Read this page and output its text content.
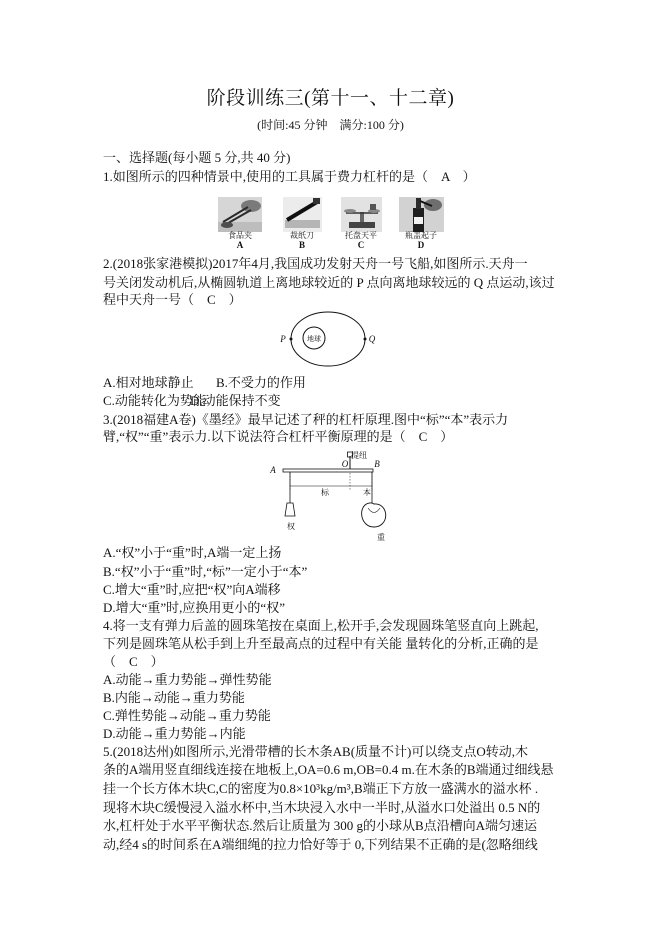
阶段训练三(第十一、十二章)
(时间:45 分钟　满分:100 分)
一、选择题(每小题 5 分,共 40 分)
1.如图所示的四种情景中,使用的工具属于费力杠杆的是（　A　）
食品夹	裁纸刀	托盘天平	瓶盖起子
A	B	C	D
2.(2018张家港模拟)2017年4月,我国成功发射天舟一号飞船,如图所示.天舟一
号关闭发动机后,从椭圆轨道上离地球较近的 P 点向离地球较远的 Q 点运动,该过
程中天舟一号（　C　）
地球
P	Q
A.相对地球静止 B.不受力的作用
C.动能转化为势能
D.动能保持不变
3.(2018福建A卷)《墨经》最早记述了秤的杠杆原理.图中“标”“本”表示力
臂,“权”“重”表示力.以下说法符合杠杆平衡原理的是（　C　）
A
提纽
O	B
标	本
权
重
A.“权”小于“重”时,A端一定上扬
B.“权”小于“重”时,“标”一定小于“本”
C.增大“重”时,应把“权”向A端移
D.增大“重”时,应换用更小的“权”
4.将一支有弹力后盖的圆珠笔按在桌面上,松开手,会发现圆珠笔竖直向上跳起,
下列是圆珠笔从松手到上升至最高点的过程中有关能 量转化的分析,正确的是
（　C　）
A.动能→重力势能→弹性势能
B.内能→动能→重力势能
C.弹性势能→动能→重力势能
D.动能→重力势能→内能
5.(2018达州)如图所示,光滑带槽的长木条AB(质量不计)可以绕支点O转动,木
条的A端用竖直细线连接在地板上,OA=0.6 m,OB=0.4 m.在木条的B端通过细线悬
挂一个长方体木块C,C的密度为0.8×10³kg/m³,B端正下方放一盛满水的溢水杯 .
现将木块C缓慢浸入溢水杯中,当木块浸入水中一半时,从溢水口处溢出 0.5 N的
水,杠杆处于水平平衡状态.然后让质量为 300 g的小球从B点沿槽向A端匀速运
动,经4 s的时间系在A端细绳的拉力恰好等于 0,下列结果不正确的是(忽略细线
